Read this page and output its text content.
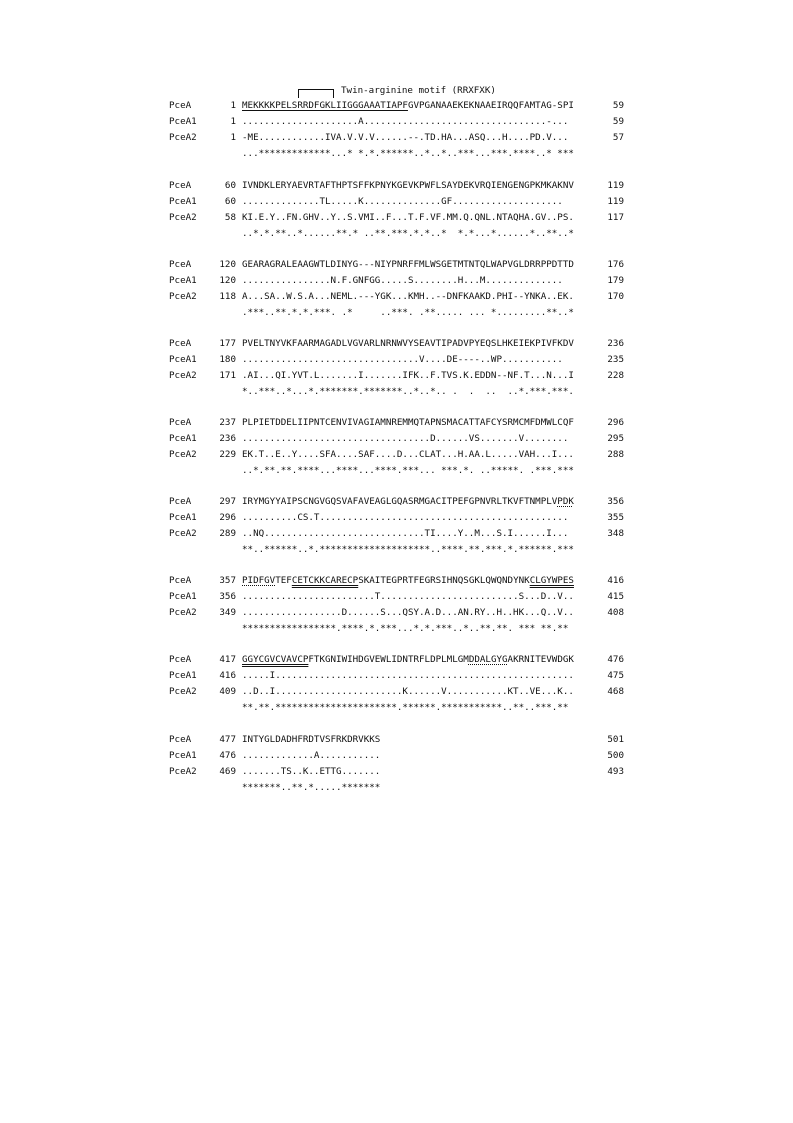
Twin-arginine motif (RRXFXK)
PceA	1 MEKKKKPELSRRDFGKLIIGGGAAATIAPFGVPGANAAEKEKNAAEIRQQFAMTAG-SPI	59
PceA1	1 .....................A.................................-...	59
PceA2	1 -ME............IVA.V.V.V......--.TD.HA...ASQ...H....PD.V...	57
...*************...* *.*.******..*..*..***...***.****..* ***
PceA	60 IVNDKLERYAEVRTAFTHPTSFFKPNYKGEVKPWFLSAYDEKVRQIENGENGPKMKAKNV	119
PceA1	60 ..............TL.....K..............GF....................	119
PceA2	58 KI.E.Y..FN.GHV..Y..S.VMI..F...T.F.VF.MM.Q.QNL.NTAQHA.GV..PS.	117
..*.*.**..*......**.* ..**.***.*.*..*  *.*...*......*..**..*
PceA	120 GEARAGRALEAAGWTLDINYG---NIYPNRFFMLWSGETMTNTQLWAPVGLDRRPPDTTD	176
PceA1	120 ................N.F.GNFGG.....S........H...M..............	179
PceA2	118 A...SA..W.S.A...NEML.---YGK...KMH..--DNFKAAKD.PHI--YNKA..EK.	170
.***..**.*.*.***. .*     ..***. .**..... ... *.........**..*
PceA	177 PVELTNYVKFAARMAGADLVGVARLNRNWVYSEAVTIPADVPYEQSLHKEIEKPIVFKDV	236
PceA1	180 ................................V....DE----..WP...........	235
PceA2	171 .AI...QI.YVT.L.......I.......IFK..F.TVS.K.EDDN--NF.T...N...I	228
*..***..*...*.*******.*******..*..*.. .  .  ..  ..*.***.***.
PceA	237 PLPIETDDELIIPNTCENVIVAGIAMNREMMQTAPNSMACATTAFCYSRMCMFDMWLCQF	296
PceA1	236 ..................................D......VS.......V........	295
PceA2	229 EK.T..E..Y....SFA....SAF....D...CLAT...H.AA.L.....VAH...I...	288
..*.**.**.****...****...****.***... ***.*. ..*****. .***.***
PceA	297 IRYMGYYAIPSCNGVGQSVAFAVEAGLGQASRMGACITPEFGPNVRLTKVFTNMPLVPDK	356
PceA1	296 ..........CS.T.............................................	355
PceA2	289 ..NQ.............................TI....Y..M...S.I......I...	348
**..******..*.********************..****.**.***.*.******.***
PceA	357 PIDFGVTEFCETCKKCARECPSKAITEGPRTFEGRSIHNQSGKLQWQNDYNKCLGYWPES	416
PceA1	356 ........................T.........................S...D..V..	415
PceA2	349 ..................D......S...QSY.A.D...AN.RY..H..HK...Q..V..	408
*****************.****.*.***...*.*.***..*..**.**. *** **.**
PceA	417 GGYCGVCVAVCPFTKGNIWIHDGVEWLIDNTRFLDPLMLGMDDALGYGAKRNITEVWDGK	476
PceA1	416 .....I......................................................	475
PceA2	409 ..D..I.......................K......V...........KT..VE...K..	468
**.**.**********************.******.***********..**..***.**
PceA	477 INTYGLDADHFRDTVSFRKDRVKKS	501
PceA1	476 .............A...........	500
PceA2	469 .......TS..K..ETTG.......	493
*******..**.*.....*******
